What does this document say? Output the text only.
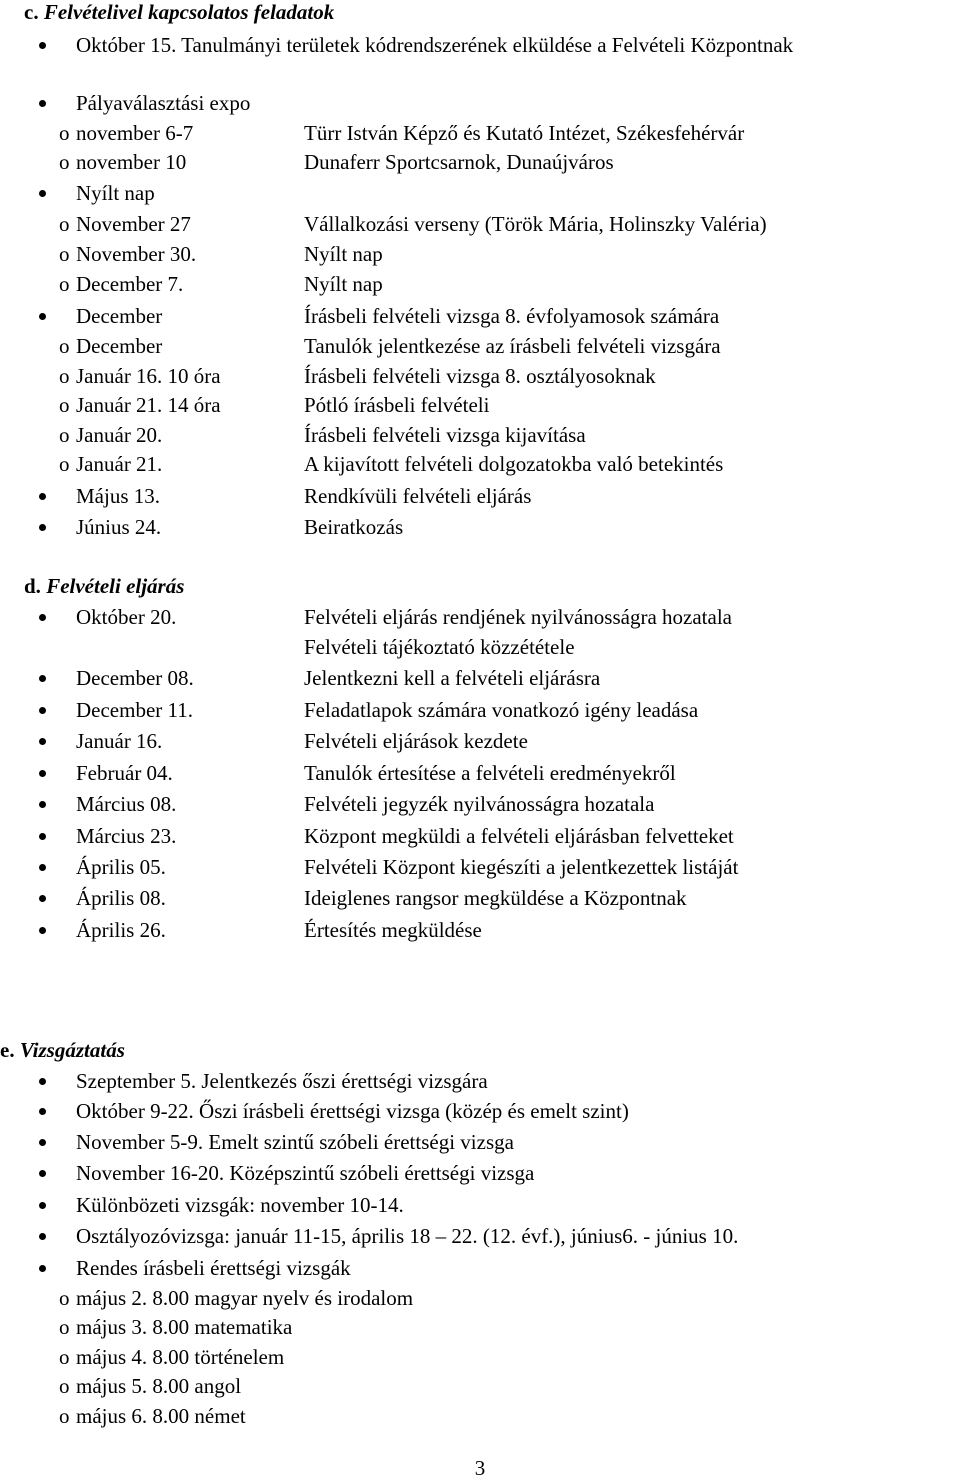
c. Felvételivel kapcsolatos feladatok
Október 15. Tanulmányi területek kódrendszerének elküldése a Felvételi Központnak
Pályaválasztási expo
o november 6-7	Türr István Képző és Kutató Intézet, Székesfehérvár
o november 10	Dunaferr Sportcsarnok, Dunaújváros
Nyílt nap
o November 27	Vállalkozási verseny (Török Mária, Holinszky Valéria)
o November 30.	Nyílt nap
o December 7.	Nyílt nap
December	Írásbeli felvételi vizsga 8. évfolyamosok számára
o December	Tanulók jelentkezése az írásbeli felvételi vizsgára
o Január 16. 10 óra	Írásbeli felvételi vizsga 8. osztályosoknak
o Január 21. 14 óra	Pótló írásbeli felvételi
o Január 20.	Írásbeli felvételi vizsga kijavítása
o Január 21.	A kijavított felvételi dolgozatokba való betekintés
Május 13.	Rendkívüli felvételi eljárás
Június 24.	Beiratkozás
d. Felvételi eljárás
Október 20.	Felvételi eljárás rendjének nyilvánosságra hozatala
Felvételi tájékoztató közzététele
December 08.	Jelentkezni kell a felvételi eljárásra
December 11.	Feladatlapok számára vonatkozó igény leadása
Január 16.	Felvételi eljárások kezdete
Február 04.	Tanulók értesítése a felvételi eredményekről
Március 08.	Felvételi jegyzék nyilvánosságra hozatala
Március 23.	Központ megküldi a felvételi eljárásban felvetteket
Április 05.	Felvételi Központ kiegészíti a jelentkezettek listáját
Április 08.	Ideiglenes rangsor megküldése a Központnak
Április 26.	Értesítés megküldése
e. Vizsgáztatás
Szeptember 5. Jelentkezés őszi érettségi vizsgára
Október 9-22. Őszi írásbeli érettségi vizsga (közép és emelt szint)
November 5-9. Emelt szintű szóbeli érettségi vizsga
November 16-20. Középszintű szóbeli érettségi vizsga
Különbözeti vizsgák: november 10-14.
Osztályozóvizsga: január 11-15, április 18 – 22. (12. évf.), június6. - június 10.
Rendes írásbeli érettségi vizsgák
o május 2. 8.00 magyar nyelv és irodalom
o május 3. 8.00 matematika
o május 4. 8.00 történelem
o május 5. 8.00 angol
o május 6. 8.00 német
3
